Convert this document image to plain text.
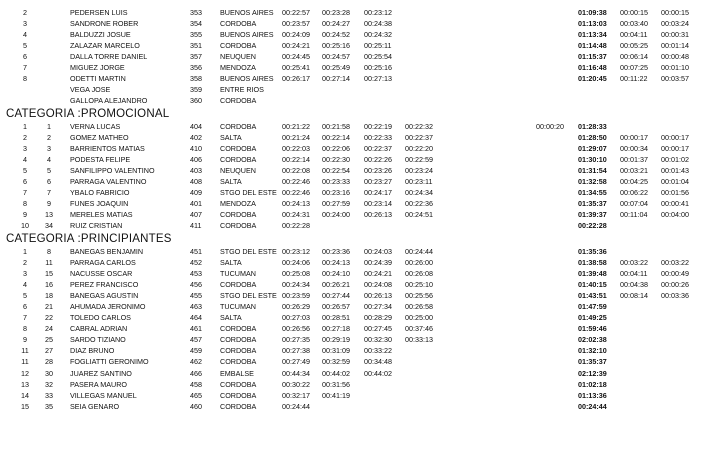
2	PEDERSEN LUIS	353	BUENOS AIRES 00:22:57 00:23:28 00:23:12	01:09:38 00:00:15 00:00:15
3	SANDRONE ROBER	354	CORDOBA	00:23:57 00:24:27 00:24:38	01:13:03 00:03:40 00:03:24
4	BALDUZZI JOSUE	355	BUENOS AIRES 00:24:09 00:24:52 00:24:32	01:13:34 00:04:11 00:00:31
5	ZALAZAR MARCELO	351	CORDOBA	00:24:21 00:25:16 00:25:11	01:14:48 00:05:25 00:01:14
6	DALLA TORRE DANIEL	357	NEUQUEN	00:24:45 00:24:57 00:25:54	01:15:37 00:06:14 00:00:48
7	MIGUEZ JORGE	356	MENDOZA	00:25:41 00:25:49 00:25:16	01:16:48 00:07:25 00:01:10
8	ODETTI MARTIN	358	BUENOS AIRES 00:26:17 00:27:14 00:27:13	01:20:45 00:11:22 00:03:57
VEGA JOSE	359	ENTRE RIOS
GALLOPA ALEJANDRO	360	CORDOBA
CATEGORIA :PROMOCIONAL
1	1	VERNA LUCAS	404	CORDOBA	00:21:22 00:21:58 00:22:19 00:22:32	00:00:20 01:28:33
2	2	GOMEZ MATHEO	402	SALTA	00:21:24 00:22:14 00:22:33 00:22:37	01:28:50 00:00:17 00:00:17
3	3	BARRIENTOS MATIAS	410	CORDOBA	00:22:03 00:22:06 00:22:37 00:22:20	01:29:07 00:00:34 00:00:17
4	4	PODESTA FELIPE	406	CORDOBA	00:22:14 00:22:30 00:22:26 00:22:59	01:30:10 00:01:37 00:01:02
5	5	SANFILIPPO VALENTINO	403	NEUQUEN	00:22:08 00:22:54 00:23:26 00:23:24	01:31:54 00:03:21 00:01:43
6	6	PARRAGA VALENTINO	408	SALTA	00:22:46 00:23:33 00:23:27 00:23:11	01:32:58 00:04:25 00:01:04
7	7	YBALO FABRICIO	409	STGO DEL ESTE 00:22:46 00:23:16 00:24:17 00:24:34	01:34:55 00:06:22 00:01:56
8	9	FUNES JOAQUIN	401	MENDOZA	00:24:13 00:27:59 00:23:14 00:22:36	01:35:37 00:07:04 00:00:41
9	13	MERELES MATIAS	407	CORDOBA	00:24:31 00:24:00 00:26:13 00:24:51	01:39:37 00:11:04 00:04:00
10	34	RUIZ CRISTIAN	411	CORDOBA	00:22:28	00:22:28
CATEGORIA :PRINCIPIANTES
1	8	BANEGAS BENJAMIN	451	STGO DEL ESTE 00:23:12 00:23:36 00:24:03 00:24:44	01:35:36
2	11	PARRAGA CARLOS	452	SALTA	00:24:06 00:24:13 00:24:39 00:26:00	01:38:58 00:03:22 00:03:22
3	15	NACUSSE OSCAR	453	TUCUMAN	00:25:08 00:24:10 00:24:21 00:26:08	01:39:48 00:04:11 00:00:49
4	16	PEREZ FRANCISCO	456	CORDOBA	00:24:34 00:26:21 00:24:08 00:25:10	01:40:15 00:04:38 00:00:26
5	18	BANEGAS AGUSTIN	455	STGO DEL ESTE 00:23:59 00:27:44 00:26:13 00:25:56	01:43:51 00:08:14 00:03:36
6	21	AHUMADA JERONIMO	463	TUCUMAN	00:26:29 00:26:57 00:27:34 00:26:58	01:47:59
7	22	TOLEDO CARLOS	464	SALTA	00:27:03 00:28:51 00:28:29 00:25:00	01:49:25
8	24	CABRAL ADRIAN	461	CORDOBA	00:26:56 00:27:18 00:27:45 00:37:46	01:59:46
9	25	SARDO TIZIANO	457	CORDOBA	00:27:35 00:29:19 00:32:30 00:33:13	02:02:38
11	27	DIAZ BRUNO	459	CORDOBA	00:27:38 00:31:09 00:33:22	01:32:10
11	28	FOGLIATTI GERONIMO	462	CORDOBA	00:27:49 00:32:59 00:34:48	01:35:37
12	30	JUAREZ SANTINO	466	EMBALSE	00:44:34 00:44:02 00:44:02	02:12:39
13	32	PASERA MAURO	458	CORDOBA	00:30:22 00:31:56	01:02:18
14	33	VILLEGAS MANUEL	465	CORDOBA	00:32:17 00:41:19	01:13:36
15	35	SEIA GENARO	460	CORDOBA	00:24:44	00:24:44
